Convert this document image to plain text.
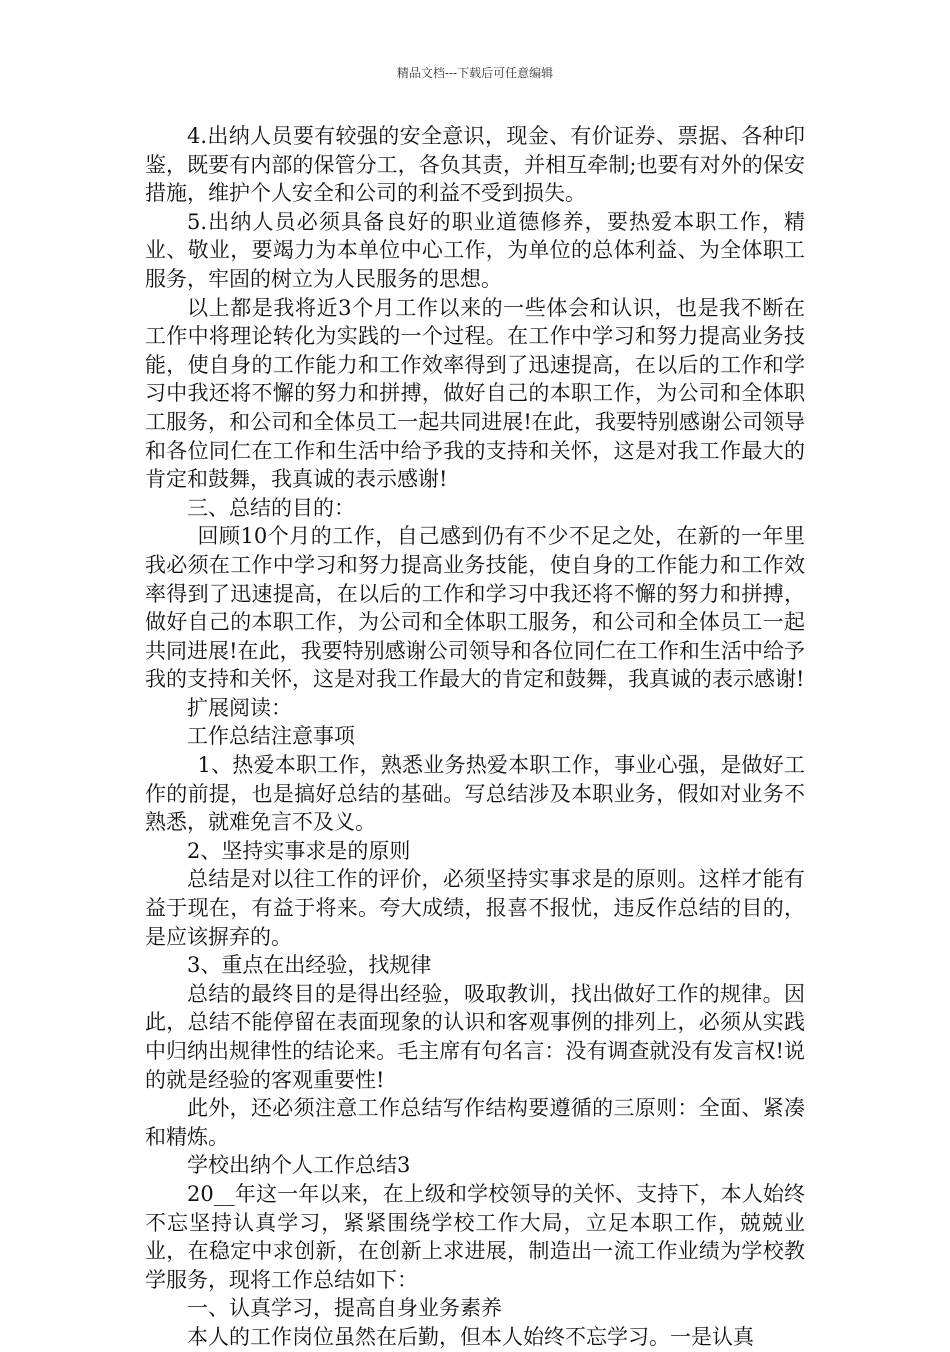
精品文档---下载后可任意编辑

4.出纳人员要有较强的安全意识，现金、有价证券、票据、各种印鉴，既要有内部的保管分工，各负其责，并相互牵制;也要有对外的保安措施，维护个人安全和公司的利益不受到损失。

5.出纳人员必须具备良好的职业道德修养，要热爱本职工作，精业、敬业，要竭力为本单位中心工作，为单位的总体利益、为全体职工服务，牢固的树立为人民服务的思想。

以上都是我将近3个月工作以来的一些体会和认识，也是我不断在工作中将理论转化为实践的一个过程。在工作中学习和努力提高业务技能，使自身的工作能力和工作效率得到了迅速提高，在以后的工作和学习中我还将不懈的努力和拼搏，做好自己的本职工作，为公司和全体职工服务，和公司和全体员工一起共同进展!在此，我要特别感谢公司领导和各位同仁在工作和生活中给予我的支持和关怀，这是对我工作最大的肯定和鼓舞，我真诚的表示感谢!

三、总结的目的：

回顾10个月的工作，自己感到仍有不少不足之处，在新的一年里我必须在工作中学习和努力提高业务技能，使自身的工作能力和工作效率得到了迅速提高，在以后的工作和学习中我还将不懈的努力和拼搏，做好自己的本职工作，为公司和全体职工服务，和公司和全体员工一起共同进展!在此，我要特别感谢公司领导和各位同仁在工作和生活中给予我的支持和关怀，这是对我工作最大的肯定和鼓舞，我真诚的表示感谢!

扩展阅读：

工作总结注意事项

1、热爱本职工作，熟悉业务热爱本职工作，事业心强，是做好工作的前提，也是搞好总结的基础。写总结涉及本职业务，假如对业务不熟悉，就难免言不及义。

2、坚持实事求是的原则

总结是对以往工作的评价，必须坚持实事求是的原则。这样才能有益于现在，有益于将来。夸大成绩，报喜不报忧，违反作总结的目的，是应该摒弃的。

3、重点在出经验，找规律

总结的最终目的是得出经验，吸取教训，找出做好工作的规律。因此，总结不能停留在表面现象的认识和客观事例的排列上，必须从实践中归纳出规律性的结论来。毛主席有句名言：没有调查就没有发言权!说的就是经验的客观重要性!

此外，还必须注意工作总结写作结构要遵循的三原则：全面、紧凑和精炼。

学校出纳个人工作总结3

20__年这一年以来，在上级和学校领导的关怀、支持下，本人始终不忘坚持认真学习，紧紧围绕学校工作大局，立足本职工作，兢兢业业，在稳定中求创新，在创新上求进展，制造出一流工作业绩为学校教学服务，现将工作总结如下：

一、认真学习，提高自身业务素养

本人的工作岗位虽然在后勤，但本人始终不忘学习。一是认真
